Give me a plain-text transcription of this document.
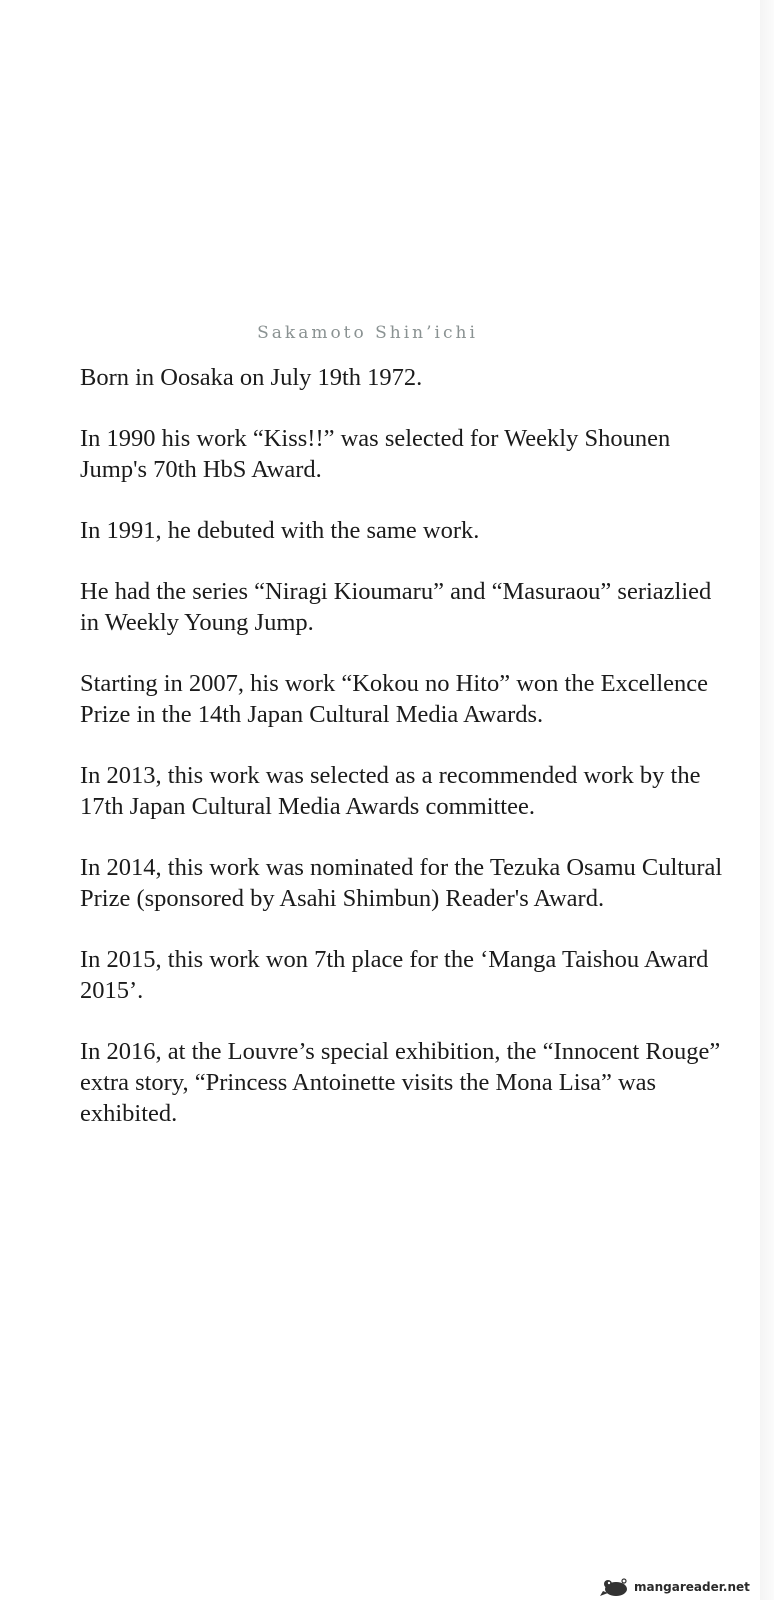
Sakamoto Shin’ichi

Born in Oosaka on July 19th 1972.

In 1990 his work “Kiss!!” was selected for Weekly Shounen Jump's 70th HbS Award.

In 1991, he debuted with the same work.

He had the series “Niragi Kioumaru” and “Masuraou” seriazlied in Weekly Young Jump.

Starting in 2007, his work “Kokou no Hito” won the Excellence Prize in the 14th Japan Cultural Media Awards.

In 2013, this work was selected as a recommended work by the 17th Japan Cultural Media Awards committee.

In 2014, this work was nominated for the Tezuka Osamu Cultural Prize (sponsored by Asahi Shimbun) Reader's Award.

In 2015, this work won 7th place for the ‘Manga Taishou Award 2015’.

In 2016, at the Louvre’s special exhibition, the “Innocent Rouge” extra story, “Princess Antoinette visits the Mona Lisa” was exhibited.

mangareader.net
